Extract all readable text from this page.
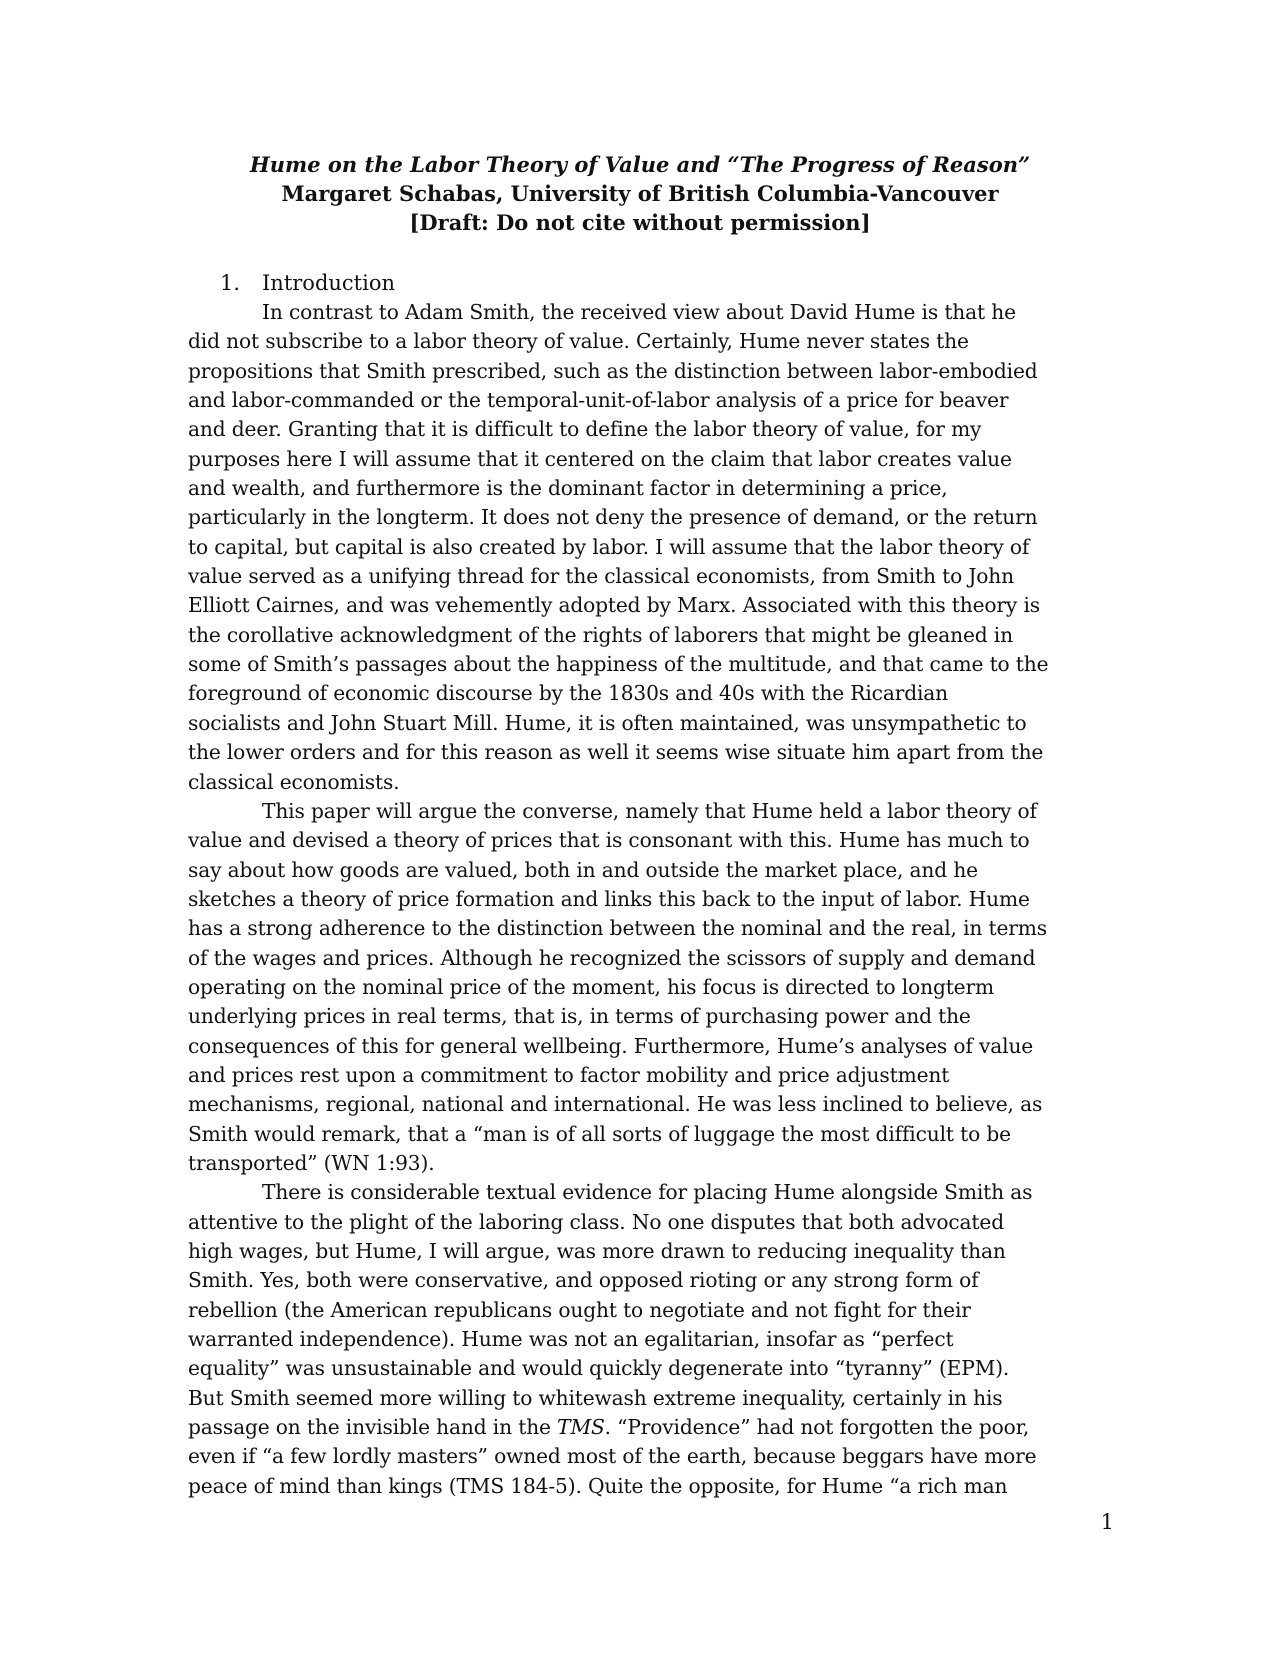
Hume on the Labor Theory of Value and “The Progress of Reason”
Margaret Schabas, University of British Columbia-Vancouver
[Draft: Do not cite without permission]
1. Introduction
In contrast to Adam Smith, the received view about David Hume is that he
did not subscribe to a labor theory of value. Certainly, Hume never states the
propositions that Smith prescribed, such as the distinction between labor-embodied
and labor-commanded or the temporal-unit-of-labor analysis of a price for beaver
and deer. Granting that it is difficult to define the labor theory of value, for my
purposes here I will assume that it centered on the claim that labor creates value
and wealth, and furthermore is the dominant factor in determining a price,
particularly in the longterm. It does not deny the presence of demand, or the return
to capital, but capital is also created by labor. I will assume that the labor theory of
value served as a unifying thread for the classical economists, from Smith to John
Elliott Cairnes, and was vehemently adopted by Marx. Associated with this theory is
the corollative acknowledgment of the rights of laborers that might be gleaned in
some of Smith’s passages about the happiness of the multitude, and that came to the
foreground of economic discourse by the 1830s and 40s with the Ricardian
socialists and John Stuart Mill. Hume, it is often maintained, was unsympathetic to
the lower orders and for this reason as well it seems wise situate him apart from the
classical economists.
This paper will argue the converse, namely that Hume held a labor theory of
value and devised a theory of prices that is consonant with this. Hume has much to
say about how goods are valued, both in and outside the market place, and he
sketches a theory of price formation and links this back to the input of labor. Hume
has a strong adherence to the distinction between the nominal and the real, in terms
of the wages and prices. Although he recognized the scissors of supply and demand
operating on the nominal price of the moment, his focus is directed to longterm
underlying prices in real terms, that is, in terms of purchasing power and the
consequences of this for general wellbeing. Furthermore, Hume’s analyses of value
and prices rest upon a commitment to factor mobility and price adjustment
mechanisms, regional, national and international. He was less inclined to believe, as
Smith would remark, that a “man is of all sorts of luggage the most difficult to be
transported” (WN 1:93).
There is considerable textual evidence for placing Hume alongside Smith as
attentive to the plight of the laboring class. No one disputes that both advocated
high wages, but Hume, I will argue, was more drawn to reducing inequality than
Smith. Yes, both were conservative, and opposed rioting or any strong form of
rebellion (the American republicans ought to negotiate and not fight for their
warranted independence). Hume was not an egalitarian, insofar as “perfect
equality” was unsustainable and would quickly degenerate into “tyranny” (EPM).
But Smith seemed more willing to whitewash extreme inequality, certainly in his
passage on the invisible hand in the TMS. “Providence” had not forgotten the poor,
even if “a few lordly masters” owned most of the earth, because beggars have more
peace of mind than kings (TMS 184-5). Quite the opposite, for Hume “a rich man
1
